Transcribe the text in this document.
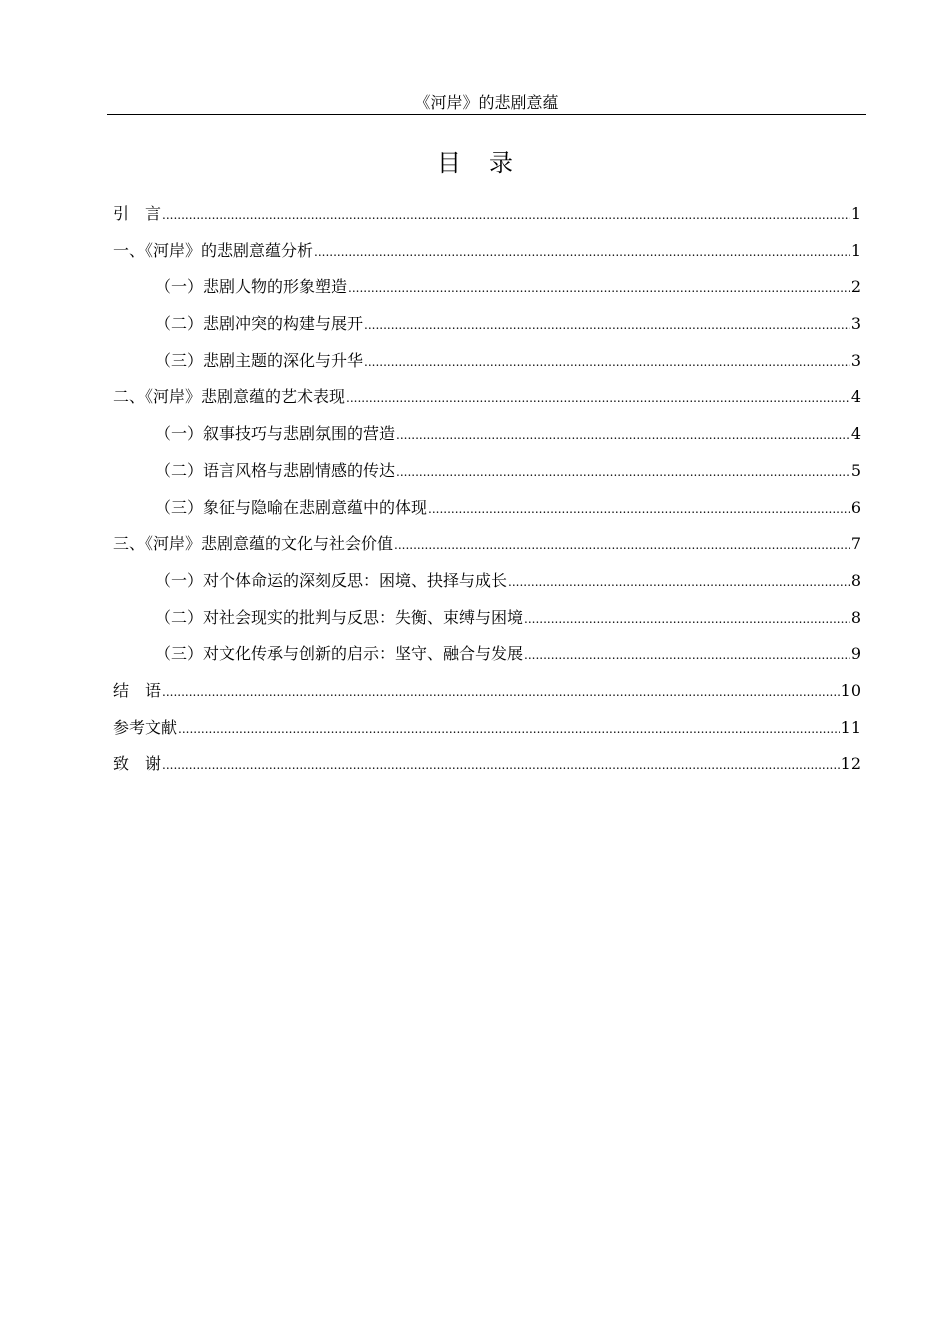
《河岸》的悲剧意蕴
目 录
引　言 .....	1
一、《河岸》的悲剧意蕴分析 .....	1
（一）悲剧人物的形象塑造 .....	2
（二）悲剧冲突的构建与展开 .....	3
（三）悲剧主题的深化与升华 .....	3
二、《河岸》悲剧意蕴的艺术表现 .....	4
（一）叙事技巧与悲剧氛围的营造 .....	4
（二）语言风格与悲剧情感的传达 .....	5
（三）象征与隐喻在悲剧意蕴中的体现 .....	6
三、《河岸》悲剧意蕴的文化与社会价值 .....	7
（一）对个体命运的深刻反思：困境、抉择与成长 .....	8
（二）对社会现实的批判与反思：失衡、束缚与困境 .....	8
（三）对文化传承与创新的启示：坚守、融合与发展 .....	9
结　语 .....	10
参考文献 .....	11
致　谢 .....	12
